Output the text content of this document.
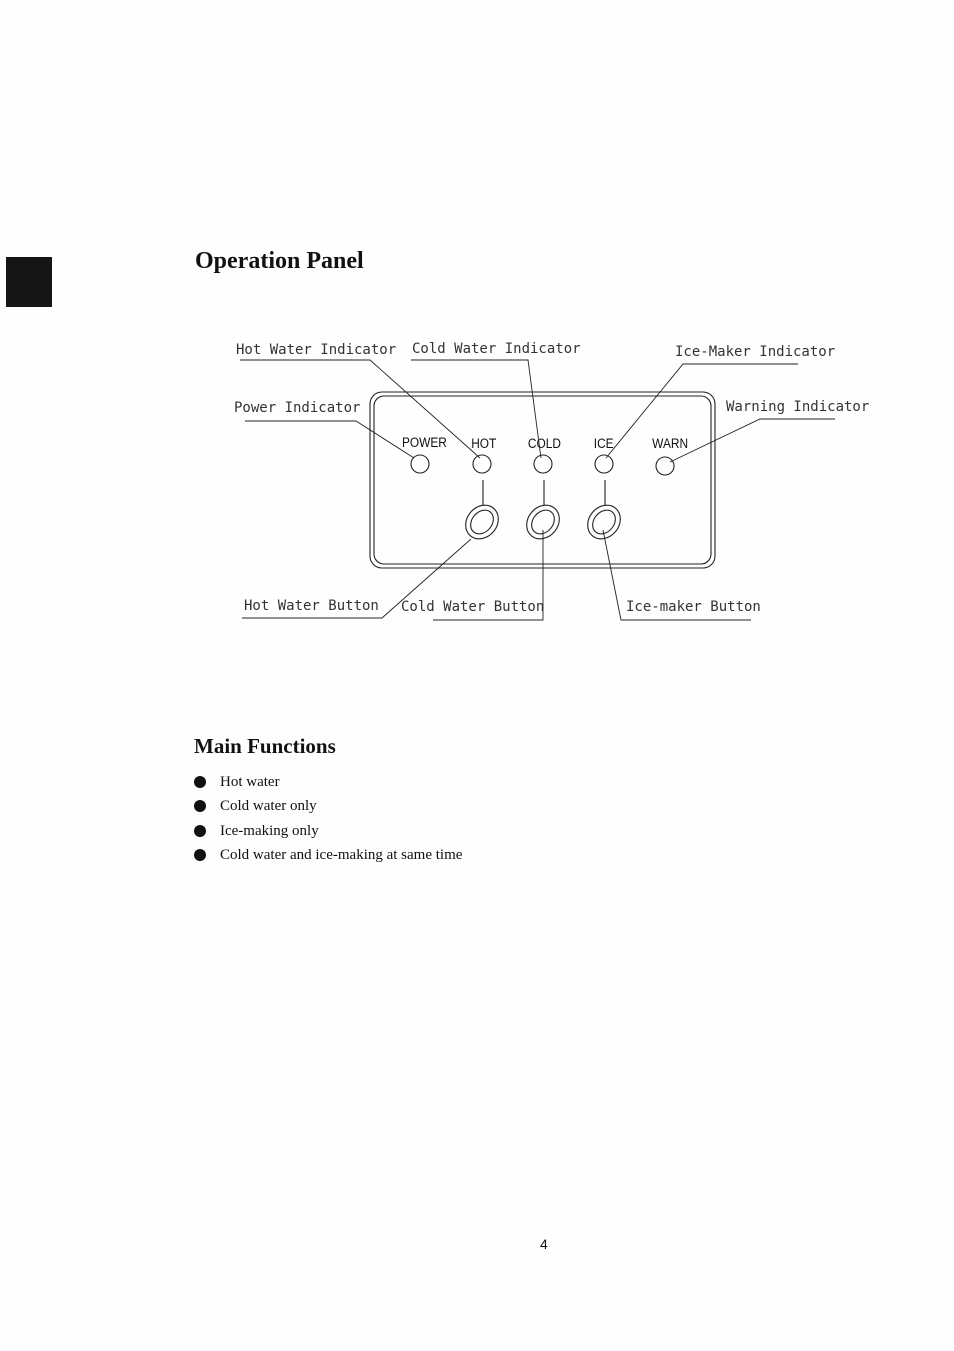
Operation Panel
Hot Water Indicator Cold Water Indicator	Ice-Maker Indicator
Power Indicator	Warning Indicator
Hot Water Button Cold Water Button	Ice-maker Button
POWER HOT COLD ICE	WARN
Main Functions
Hot water
Cold water only
Ice-making only
Cold water and ice-making at same time
4
